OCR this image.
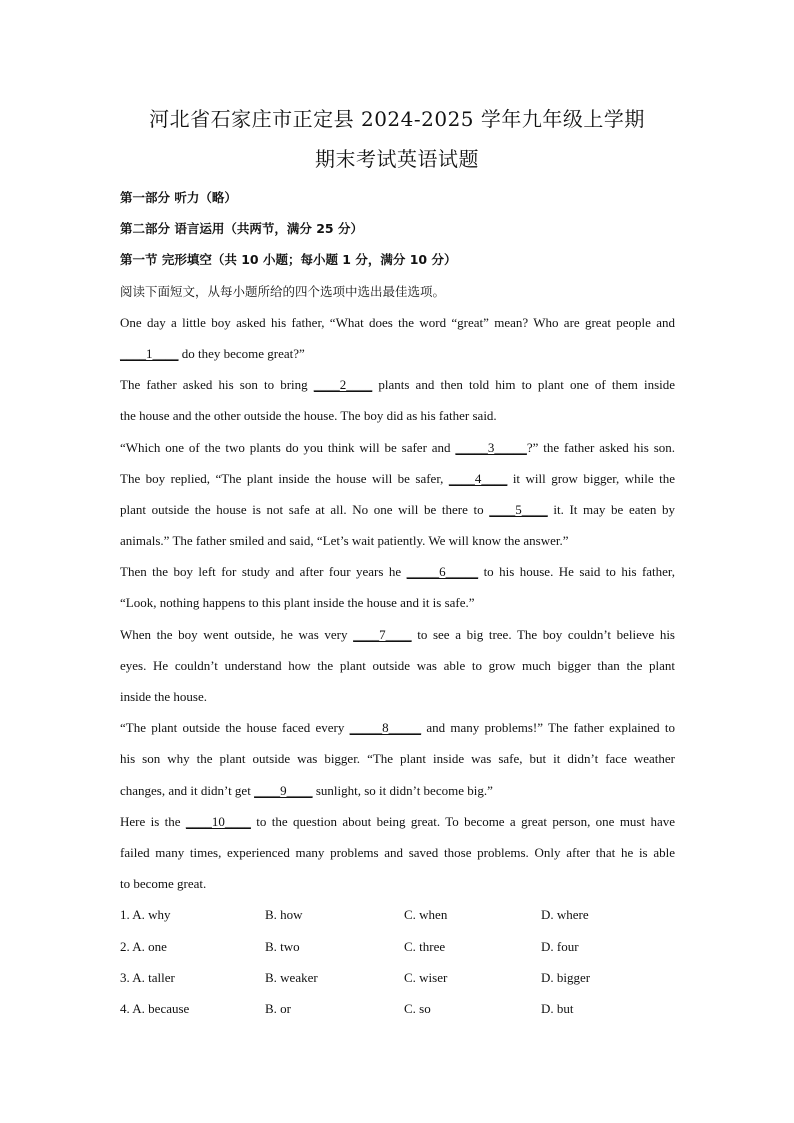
河北省石家庄市正定县 2024-2025 学年九年级上学期
期末考试英语试题
第一部分 听力（略）
第二部分 语言运用（共两节，满分 25 分）
第一节 完形填空（共 10 小题；每小题 1 分，满分 10 分）
阅读下面短文，从每小题所给的四个选项中选出最佳选项。
One day a little boy asked his father, “What does the word “great” mean? Who are great people and
____1____ do they become great?”
The father asked his son to bring ____2____ plants and then told him to plant one of them inside
the house and the other outside the house. The boy did as his father said.
“Which one of the two plants do you think will be safer and _____3_____?” the father asked his son.
The boy replied, “The plant inside the house will be safer, ____4____ it will grow bigger, while the
plant outside the house is not safe at all. No one will be there to ____5____ it. It may be eaten by
animals.” The father smiled and said, “Let’s wait patiently. We will know the answer.”
Then the boy left for study and after four years he _____6_____ to his house. He said to his father,
“Look, nothing happens to this plant inside the house and it is safe.”
When the boy went outside, he was very ____7____ to see a big tree. The boy couldn’t believe his
eyes. He couldn’t understand how the plant outside was able to grow much bigger than the plant
inside the house.
“The plant outside the house faced every _____8_____ and many problems!” The father explained to
his son why the plant outside was bigger. “The plant inside was safe, but it didn’t face weather
changes, and it didn’t get ____9____ sunlight, so it didn’t become big.”
Here is the ____10____ to the question about being great. To become a great person, one must have
failed many times, experienced many problems and saved those problems. Only after that he is able
to become great.
1. A. why	B. how	C. when	D. where
2. A. one	B. two	C. three	D. four
3. A. taller	B. weaker	C. wiser	D. bigger
4. A. because	B. or	C. so	D. but
